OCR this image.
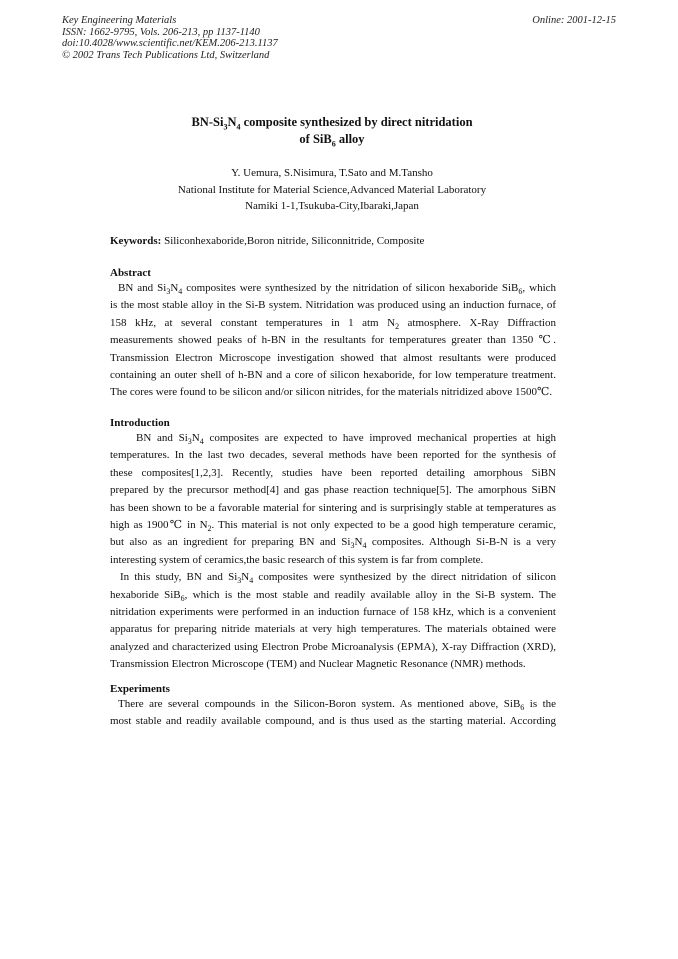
Key Engineering Materials
ISSN: 1662-9795, Vols. 206-213, pp 1137-1140
doi:10.4028/www.scientific.net/KEM.206-213.1137
© 2002 Trans Tech Publications Ltd, Switzerland
Online: 2001-12-15
$BN-Si_3N_4$ composite synthesized by direct nitridation
of SiB$_6$ alloy
Y. Uemura, S.Nisimura, T.Sato and M.Tansho
National Institute for Material Science,Advanced Material Laboratory
Namiki 1-1,Tsukuba-City,Ibaraki,Japan
Keywords: Siliconhexaboride,Boron nitride, Siliconnitride, Composite
Abstract

BN and $Si_3N_4$ composites were synthesized by the nitridation of silicon hexaboride SiB$_6$, which

is the most stable alloy in the Si-B system. Nitridation was produced using an induction furnace, of

158 kHz, at several constant temperatures in 1 atm $N_2$ atmosphere. X-Ray Diffraction

measurements showed peaks of h-BN in the resultants for temperatures greater than 1350 ℃.

Transmission Electron Microscope investigation showed that almost resultants were produced

containing an outer shell of h-BN and a core of silicon hexaboride, for low temperature treatment.

The cores were found to be silicon and/or silicon nitrides, for the materials nitridized above 1500℃.

Introduction

BN and $Si_3N_4$ composites are expected to have improved mechanical properties at high

temperatures. In the last two decades, several methods have been reported for the synthesis of

these composites[1,2,3]. Recently, studies have been reported detailing amorphous SiBN

prepared by the precursor method[4] and gas phase reaction technique[5]. The amorphous SiBN

has been shown to be a favorable material for sintering and is surprisingly stable at temperatures as

high as 1900℃ in $N_2$. This material is not only expected to be a good high temperature ceramic,

but also as an ingredient for preparing BN and $Si_3N_4$ composites. Although Si-B-N is a very

interesting system of ceramics,the basic research of this system is far from complete.

In this study, BN and $Si_3N_4$ composites were synthesized by the direct nitridation of silicon

hexaboride SiB$_6$, which is the most stable and readily available alloy in the Si-B system. The

nitridation experiments were performed in an induction furnace of 158 kHz, which is a convenient

apparatus for preparing nitride materials at very high temperatures. The materials obtained were

analyzed and characterized using Electron Probe Microanalysis (EPMA), X-ray Diffraction (XRD),

Transmission Electron Microscope (TEM) and Nuclear Magnetic Resonance (NMR) methods.

Experiments

There are several compounds in the Silicon-Boron system. As mentioned above, SiB$_6$ is the

most stable and readily available compound, and is thus used as the starting material. According
